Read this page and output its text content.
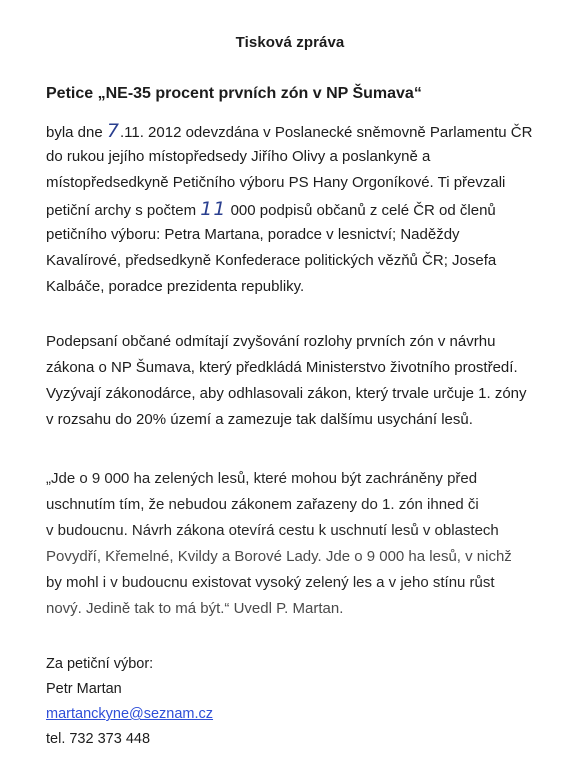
Tisková zpráva
Petice „NE-35 procent prvních zón v NP Šumava“
byla dne 7.11. 2012 odevzdána v Poslanecké sněmovně Parlamentu ČR
do rukou jejího místopředsedy Jiřího Olivy a poslankyně a
místopředsedkyně Petičního výboru PS Hany Orgoníkové. Ti převzali
petiční archy s počtem 11 000 podpisů občanů z celé ČR od členů
petičního výboru: Petra Martana, poradce v lesnictví; Naděždy
Kavalírové, předsedkyně Konfederace politických vězňů ČR; Josefa
Kalbáče, poradce prezidenta republiky.
Podepsaní občané odmítají zvyšování rozlohy prvních zón v návrhu
zákona o NP Šumava, který předkládá Ministerstvo životního prostředí.
Vyzývají zákonodárce, aby odhlasovali zákon, který trvale určuje 1. zóny
v rozsahu do 20% území a zamezuje tak dalšímu usychání lesů.
„Jde o 9 000 ha zelených lesů, které mohou být zachráněny před
uschnutím tím, že nebudou zákonem zařazeny do 1. zón ihned či
v budoucnu. Návrh zákona otevírá cestu k uschnutí lesů v oblastech
Povydří, Křemelné, Kvildy a Borové Lady. Jde o 9 000 ha lesů, v nichž
by mohl i v budoucnu existovat vysoký zelený les a v jeho stínu růst
nový. Jedině tak to má být.“ Uvedl P. Martan.
Za petiční výbor:
Petr Martan
martanckyne@seznam.cz
tel. 732 373 448
